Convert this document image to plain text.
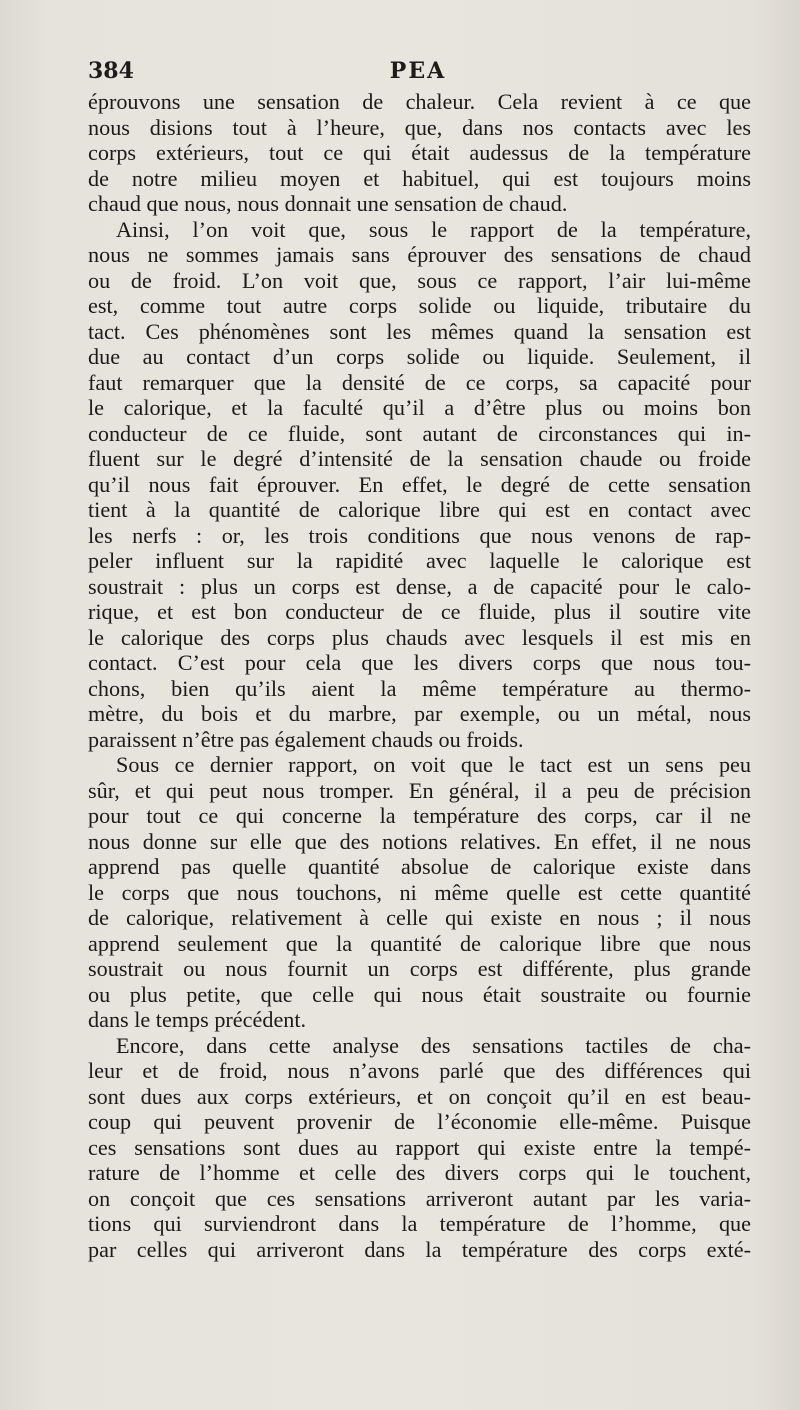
384	PEA
éprouvons une sensation de chaleur. Cela revient à ce que
nous disions tout à l’heure, que, dans nos contacts avec les
corps extérieurs, tout ce qui était audessus de la température
de notre milieu moyen et habituel, qui est toujours moins
chaud que nous, nous donnait une sensation de chaud.
Ainsi, l’on voit que, sous le rapport de la température,
nous ne sommes jamais sans éprouver des sensations de chaud
ou de froid. L’on voit que, sous ce rapport, l’air lui-même
est, comme tout autre corps solide ou liquide, tributaire du
tact. Ces phénomènes sont les mêmes quand la sensation est
due au contact d’un corps solide ou liquide. Seulement, il
faut remarquer que la densité de ce corps, sa capacité pour
le calorique, et la faculté qu’il a d’être plus ou moins bon
conducteur de ce fluide, sont autant de circonstances qui in-
fluent sur le degré d’intensité de la sensation chaude ou froide
qu’il nous fait éprouver. En effet, le degré de cette sensation
tient à la quantité de calorique libre qui est en contact avec
les nerfs : or, les trois conditions que nous venons de rap-
peler influent sur la rapidité avec laquelle le calorique est
soustrait : plus un corps est dense, a de capacité pour le calo-
rique, et est bon conducteur de ce fluide, plus il soutire vite
le calorique des corps plus chauds avec lesquels il est mis en
contact. C’est pour cela que les divers corps que nous tou-
chons, bien qu’ils aient la même température au thermo-
mètre, du bois et du marbre, par exemple, ou un métal, nous
paraissent n’être pas également chauds ou froids.
Sous ce dernier rapport, on voit que le tact est un sens peu
sûr, et qui peut nous tromper. En général, il a peu de précision
pour tout ce qui concerne la température des corps, car il ne
nous donne sur elle que des notions relatives. En effet, il ne nous
apprend pas quelle quantité absolue de calorique existe dans
le corps que nous touchons, ni même quelle est cette quantité
de calorique, relativement à celle qui existe en nous ; il nous
apprend seulement que la quantité de calorique libre que nous
soustrait ou nous fournit un corps est différente, plus grande
ou plus petite, que celle qui nous était soustraite ou fournie
dans le temps précédent.
Encore, dans cette analyse des sensations tactiles de cha-
leur et de froid, nous n’avons parlé que des différences qui
sont dues aux corps extérieurs, et on conçoit qu’il en est beau-
coup qui peuvent provenir de l’économie elle-même. Puisque
ces sensations sont dues au rapport qui existe entre la tempé-
rature de l’homme et celle des divers corps qui le touchent,
on conçoit que ces sensations arriveront autant par les varia-
tions qui surviendront dans la température de l’homme, que
par celles qui arriveront dans la température des corps exté-
